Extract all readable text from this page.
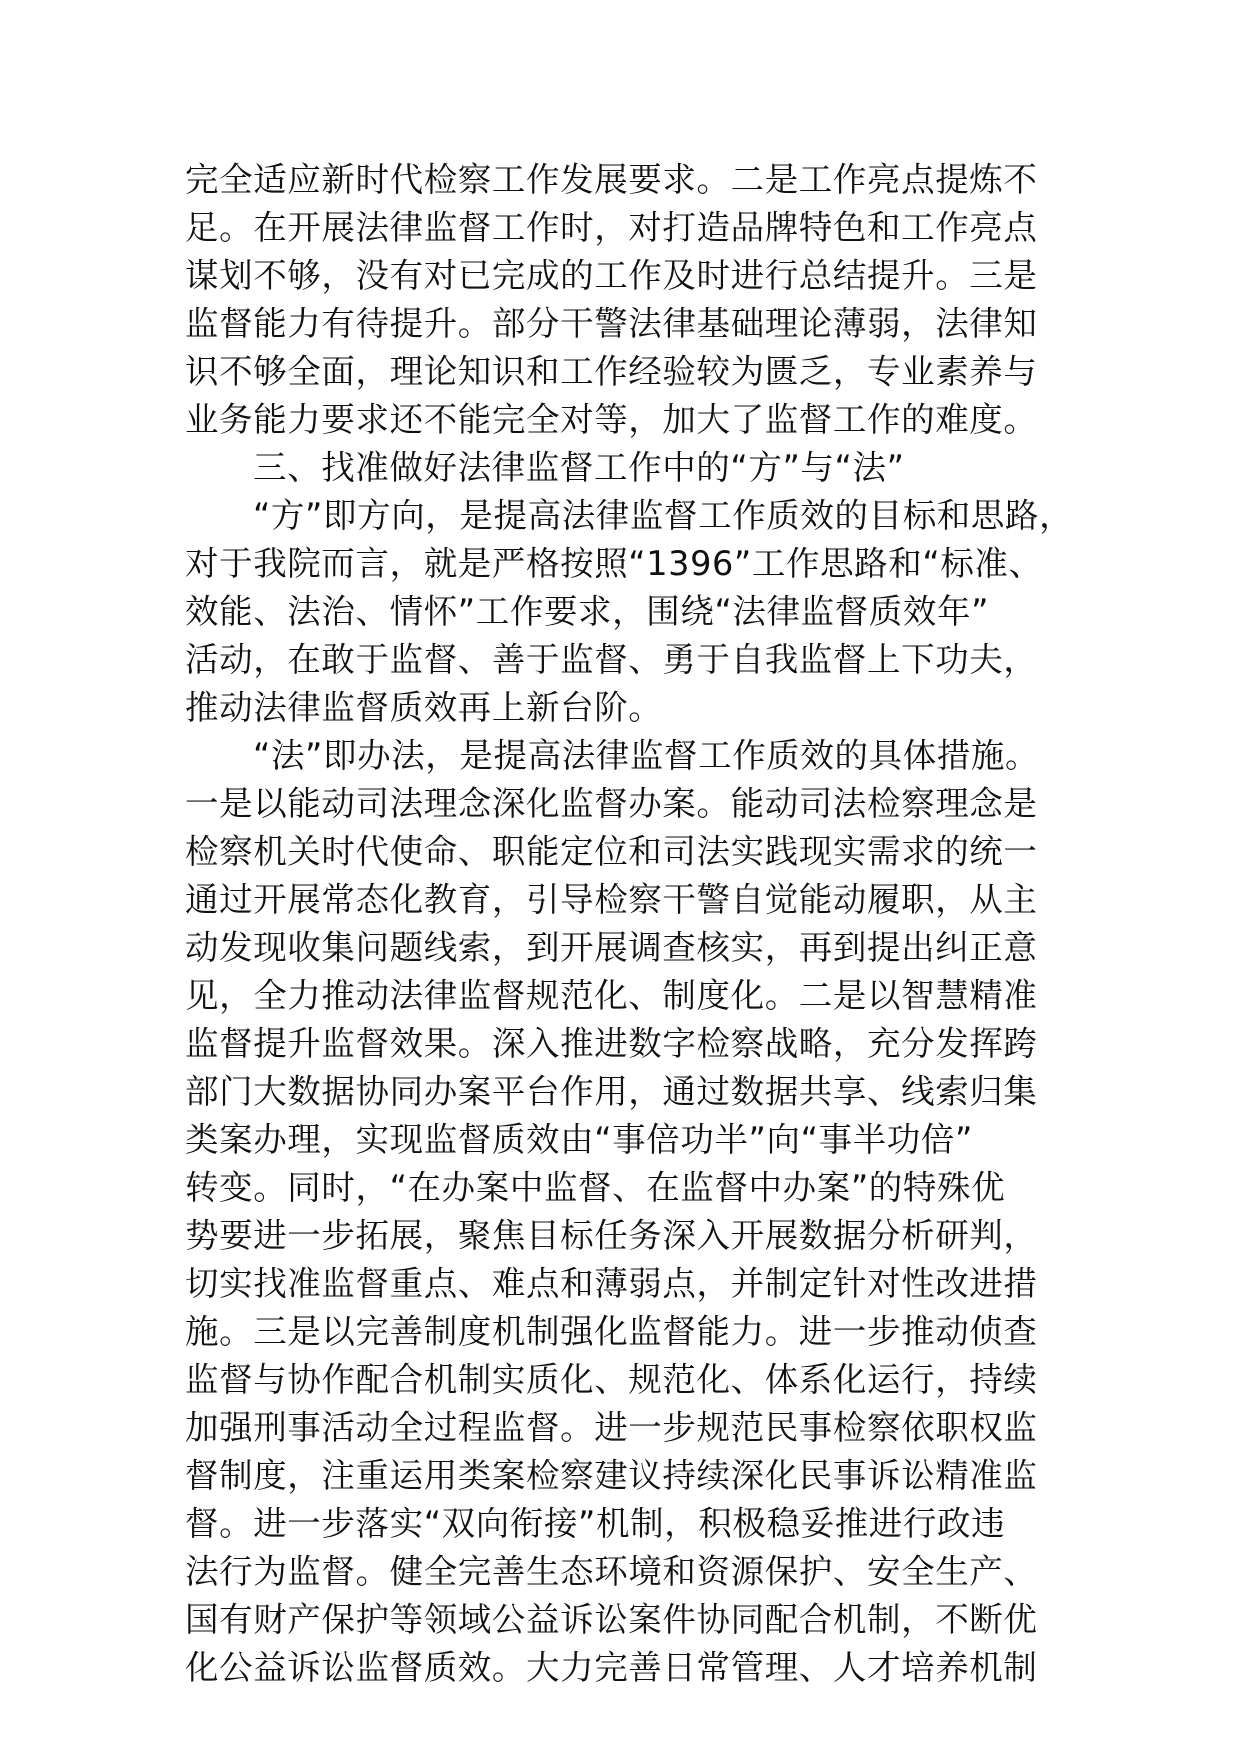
完全适应新时代检察工作发展要求。二是工作亮点提炼不
足。在开展法律监督工作时，对打造品牌特色和工作亮点
谋划不够，没有对已完成的工作及时进行总结提升。三是
监督能力有待提升。部分干警法律基础理论薄弱，法律知
识不够全面，理论知识和工作经验较为匮乏，专业素养与
业务能力要求还不能完全对等，加大了监督工作的难度。
三、找准做好法律监督工作中的“方”与“法”
“方”即方向，是提高法律监督工作质效的目标和思路，
对于我院而言，就是严格按照“1396”工作思路和“标准、
效能、法治、情怀”工作要求，围绕“法律监督质效年”
活动，在敢于监督、善于监督、勇于自我监督上下功夫，
推动法律监督质效再上新台阶。
“法”即办法，是提高法律监督工作质效的具体措施。
一是以能动司法理念深化监督办案。能动司法检察理念是
检察机关时代使命、职能定位和司法实践现实需求的统一
通过开展常态化教育，引导检察干警自觉能动履职，从主
动发现收集问题线索，到开展调查核实，再到提出纠正意
见，全力推动法律监督规范化、制度化。二是以智慧精准
监督提升监督效果。深入推进数字检察战略，充分发挥跨
部门大数据协同办案平台作用，通过数据共享、线索归集
类案办理，实现监督质效由“事倍功半”向“事半功倍”
转变。同时，“在办案中监督、在监督中办案”的特殊优
势要进一步拓展，聚焦目标任务深入开展数据分析研判，
切实找准监督重点、难点和薄弱点，并制定针对性改进措
施。三是以完善制度机制强化监督能力。进一步推动侦查
监督与协作配合机制实质化、规范化、体系化运行，持续
加强刑事活动全过程监督。进一步规范民事检察依职权监
督制度，注重运用类案检察建议持续深化民事诉讼精准监
督。进一步落实“双向衔接”机制，积极稳妥推进行政违
法行为监督。健全完善生态环境和资源保护、安全生产、
国有财产保护等领域公益诉讼案件协同配合机制，不断优
化公益诉讼监督质效。大力完善日常管理、人才培养机制
